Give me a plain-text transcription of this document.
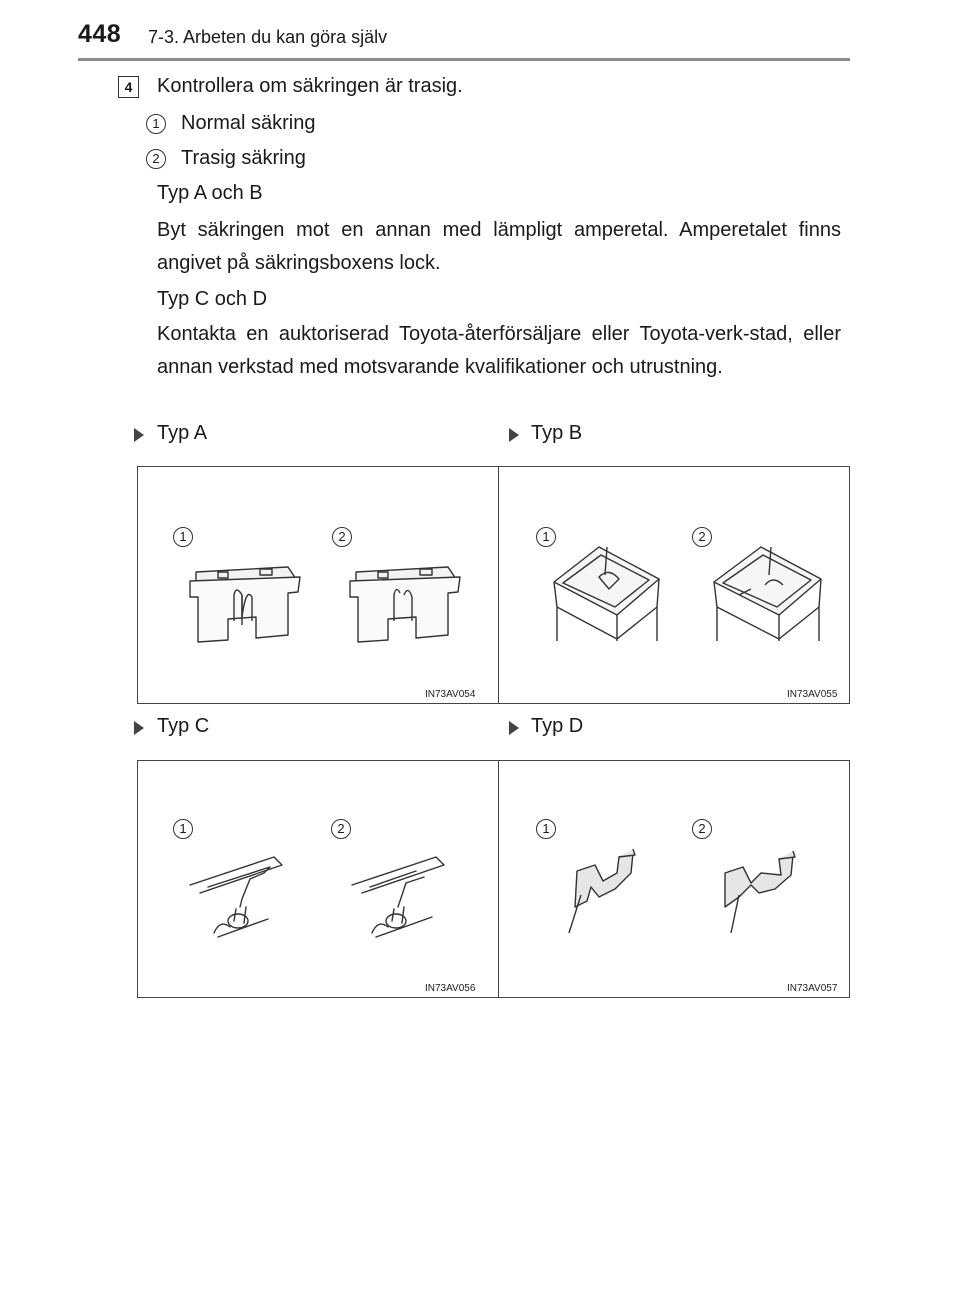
448 7-3. Arbeten du kan göra själv
4	Kontrollera om säkringen är trasig.
1	Normal säkring
2	Trasig säkring
Typ A och B
Byt säkringen mot en annan med lämpligt amperetal. Amperetalet finns angivet på säkringsboxens lock.
Typ C och D
Kontakta en auktoriserad Toyota-återförsäljare eller Toyota-verk-stad, eller annan verkstad med motsvarande kvalifikationer och utrustning.
Typ A	Typ B
Typ C	Typ D
1	2
IN73AV054
1	2
IN73AV055
1	2
IN73AV056
1	2
IN73AV057
